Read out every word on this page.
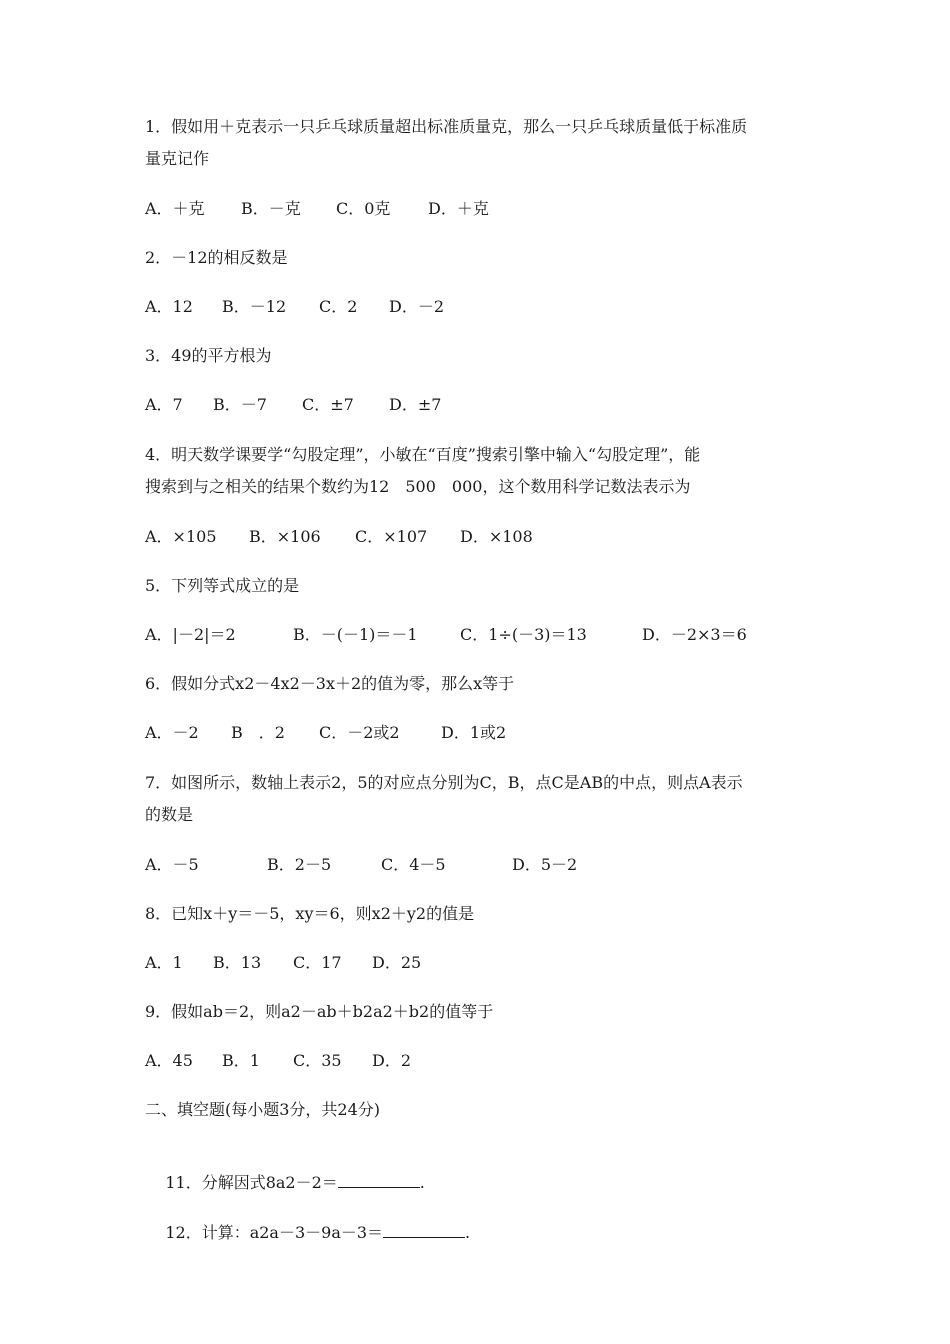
1．假如用＋克表示一只乒乓球质量超出标准质量克，那么一只乒乓球质量低于标准质
量克记作
A．＋克 B．－克 C．0克 D．＋克
2．－12的相反数是
A．12 B．－12 C．2 D．－2
3．49的平方根为
A．7 B．－7 C．±7 D．±7
4．明天数学课要学“勾股定理”，小敏在“百度”搜索引擎中输入“勾股定理”，能
搜索到与之相关的结果个数约为12　500　000，这个数用科学记数法表示为
A．×105 B．×106 C．×107 D．×108
5．下列等式成立的是
A．|－2|＝2	B．－(－1)＝－1	C．1÷(－3)＝13	D．－2×3＝6
6．假如分式x2－4x2－3x＋2的值为零，那么x等于
A．－2 B　．2 C．－2或2	D．1或2
7．如图所示，数轴上表示2，5的对应点分别为C，B，点C是AB的中点，则点A表示
的数是
A．－5	B．2－5	C．4－5	D．5－2
8．已知x＋y＝－5，xy＝6，则x2＋y2的值是
A．1 B．13 C．17 D．25
9．假如ab＝2，则a2－ab＋b2a2＋b2的值等于
A．45 B．1 C．35 D．2
二、填空题(每小题3分，共24分)

11．分解因式8a2－2＝	.

12．计算：a2a－3－9a－3＝	.
